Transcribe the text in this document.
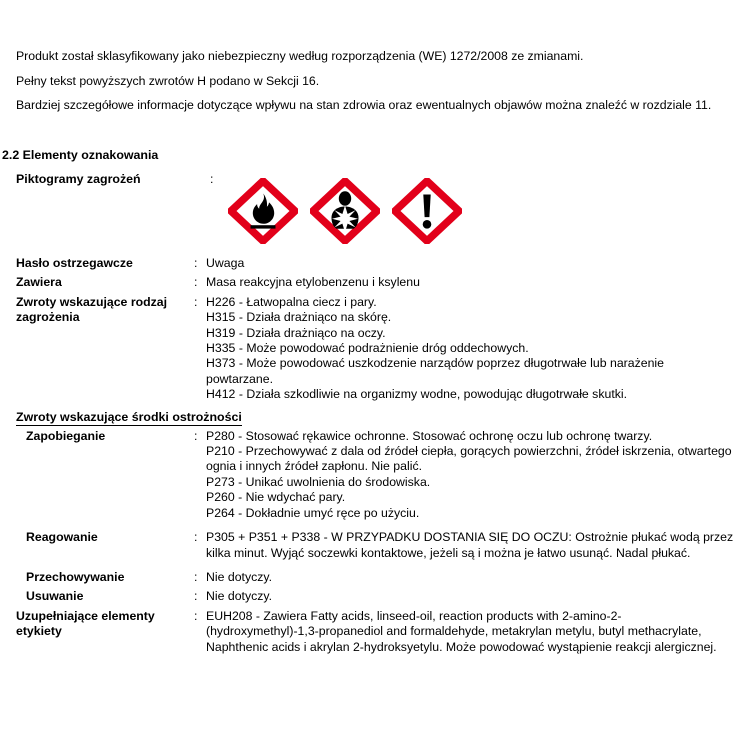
Produkt został sklasyfikowany jako niebezpieczny według rozporządzenia (WE) 1272/2008 ze zmianami.

Pełny tekst powyższych zwrotów H podano w Sekcji 16.

Bardziej szczegółowe informacje dotyczące wpływu na stan zdrowia oraz ewentualnych objawów można znaleźć w rozdziale 11.

2.2 Elementy oznakowania
Piktogramy zagrożeń	:
Hasło ostrzegawcze	: Uwaga
Zawiera	: Masa reakcyjna etylobenzenu i ksylenu
Zwroty wskazujące rodzaj
zagrożenia
: H226 - Łatwopalna ciecz i pary.
H315 - Działa drażniąco na skórę.
H319 - Działa drażniąco na oczy.
H335 - Może powodować podrażnienie dróg oddechowych.
H373 - Może powodować uszkodzenie narządów poprzez długotrwałe lub narażenie powtarzane.
H412 - Działa szkodliwie na organizmy wodne, powodując długotrwałe skutki.
Zwroty wskazujące środki ostrożności
Zapobieganie	: P280 - Stosować rękawice ochronne. Stosować ochronę oczu lub ochronę twarzy.
P210 - Przechowywać z dala od źródeł ciepła, gorących powierzchni, źródeł iskrzenia, otwartego ognia i innych źródeł zapłonu. Nie palić.
P273 - Unikać uwolnienia do środowiska.
P260 - Nie wdychać pary.
P264 - Dokładnie umyć ręce po użyciu.
Reagowanie	: P305 + P351 + P338 - W PRZYPADKU DOSTANIA SIĘ DO OCZU: Ostrożnie płukać wodą przez kilka minut. Wyjąć soczewki kontaktowe, jeżeli są i można je łatwo usunąć. Nadal płukać.
Przechowywanie	: Nie dotyczy.
Usuwanie	: Nie dotyczy.
Uzupełniające elementy
etykiety
: EUH208 - Zawiera Fatty acids, linseed-oil, reaction products with 2-amino-2-(hydroxymethyl)-1,3-propanediol and formaldehyde, metakrylan metylu, butyl methacrylate, Naphthenic acids i akrylan 2-hydroksyetylu. Może powodować wystąpienie reakcji alergicznej.
